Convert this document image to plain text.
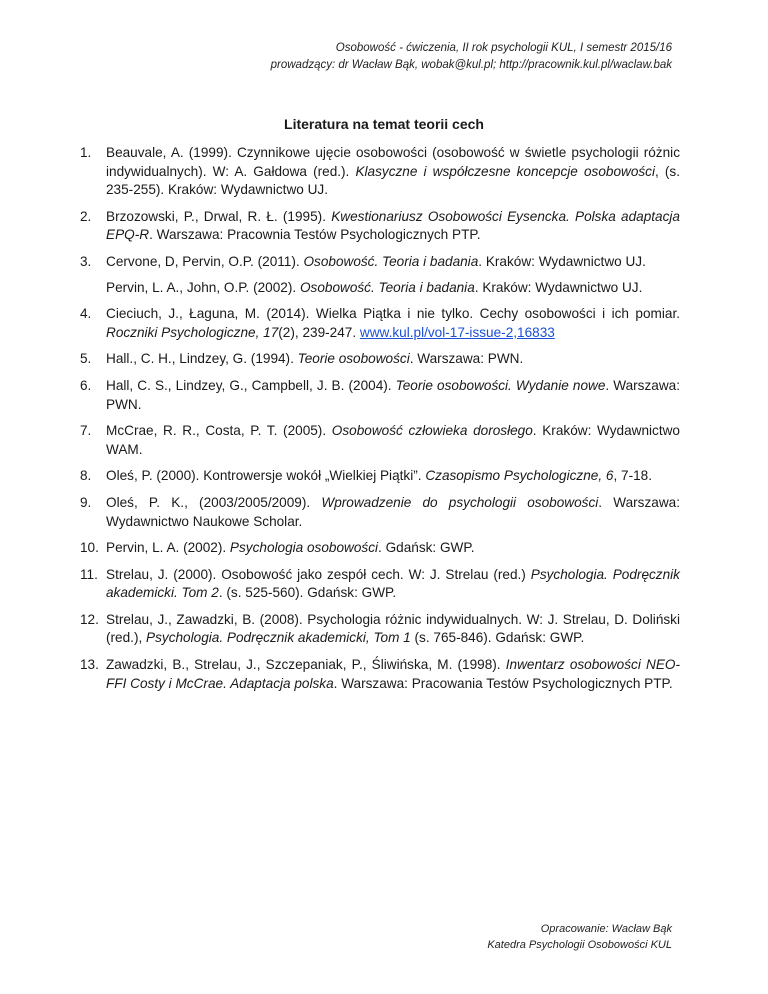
Osobowość - ćwiczenia, II rok psychologii KUL, I semestr 2015/16
prowadzący: dr Wacław Bąk, wobak@kul.pl; http://pracownik.kul.pl/waclaw.bak
Literatura na temat teorii cech
1. Beauvale, A. (1999). Czynnikowe ujęcie osobowości (osobowość w świetle psychologii różnic indywidualnych). W: A. Gałdowa (red.). Klasyczne i współczesne koncepcje osobowości, (s. 235-255). Kraków: Wydawnictwo UJ.
2. Brzozowski, P., Drwal, R. Ł. (1995). Kwestionariusz Osobowości Eysencka. Polska adaptacja EPQ-R. Warszawa: Pracownia Testów Psychologicznych PTP.
3. Cervone, D, Pervin, O.P. (2011). Osobowość. Teoria i badania. Kraków: Wydawnictwo UJ.
Pervin, L. A., John, O.P. (2002). Osobowość. Teoria i badania. Kraków: Wydawnictwo UJ.
4. Cieciuch, J., Łaguna, M. (2014). Wielka Piątka i nie tylko. Cechy osobowości i ich pomiar. Roczniki Psychologiczne, 17(2), 239-247. www.kul.pl/vol-17-issue-2,16833
5. Hall., C. H., Lindzey, G. (1994). Teorie osobowości. Warszawa: PWN.
6. Hall, C. S., Lindzey, G., Campbell, J. B. (2004). Teorie osobowości. Wydanie nowe. Warszawa: PWN.
7. McCrae, R. R., Costa, P. T. (2005). Osobowość człowieka dorosłego. Kraków: Wydawnictwo WAM.
8. Oleś, P. (2000). Kontrowersje wokół „Wielkiej Piątki”. Czasopismo Psychologiczne, 6, 7-18.
9. Oleś, P. K., (2003/2005/2009). Wprowadzenie do psychologii osobowości. Warszawa: Wydawnictwo Naukowe Scholar.
10. Pervin, L. A. (2002). Psychologia osobowości. Gdańsk: GWP.
11. Strelau, J. (2000). Osobowość jako zespół cech. W: J. Strelau (red.) Psychologia. Podręcznik akademicki. Tom 2. (s. 525-560). Gdańsk: GWP.
12. Strelau, J., Zawadzki, B. (2008). Psychologia różnic indywidualnych. W: J. Strelau, D. Doliński (red.), Psychologia. Podręcznik akademicki, Tom 1 (s. 765-846). Gdańsk: GWP.
13. Zawadzki, B., Strelau, J., Szczepaniak, P., Śliwińska, M. (1998). Inwentarz osobowości NEO-FFI Costy i McCrae. Adaptacja polska. Warszawa: Pracowania Testów Psychologicznych PTP.
Opracowanie: Wacław Bąk
Katedra Psychologii Osobowości KUL
